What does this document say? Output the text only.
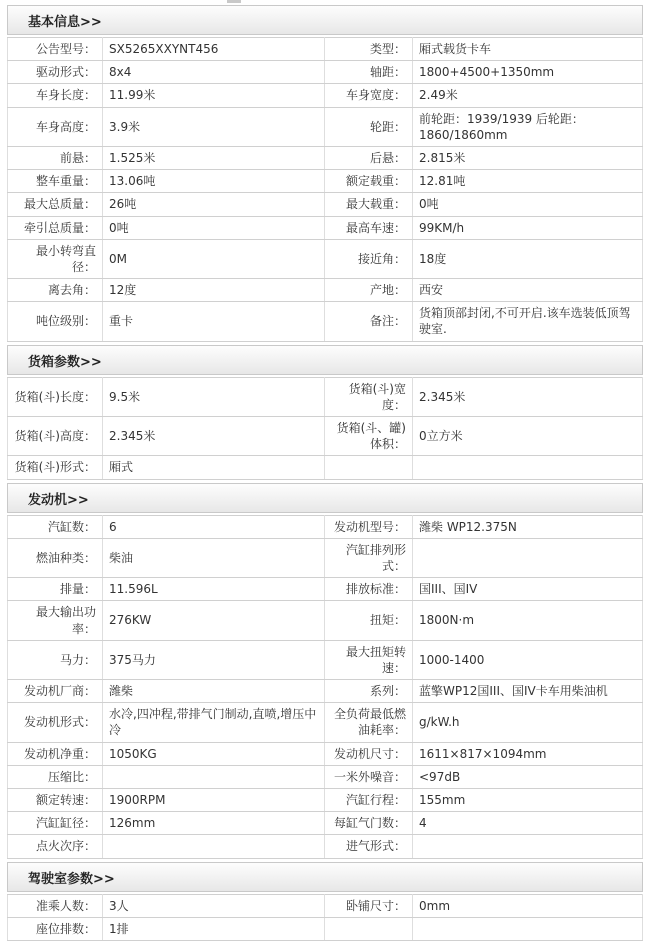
基本信息>>
公告型号：	SX5265XXYNT456	类型：	厢式载货卡车
驱动形式：	8x4	轴距：	1800+4500+1350mm
车身长度：	11.99米	车身宽度：	2.49米
车身高度：	3.9米	轮距：	前轮距：1939/1939 后轮距：1860/1860mm
前悬：	1.525米	后悬：	2.815米
整车重量：	13.06吨	额定载重：	12.81吨
最大总质量：	26吨	最大载重：	0吨
牵引总质量：	0吨	最高车速：	99KM/h
最小转弯直径：	0M	接近角：	18度
离去角：	12度	产地：	西安
吨位级别：	重卡	备注：	货箱顶部封闭,不可开启.该车选装低顶驾驶室.
货箱参数>>
货箱(斗)长度：	9.5米	货箱(斗)宽度：	2.345米
货箱(斗)高度：	2.345米	货箱(斗、罐)体积：	0立方米
货箱(斗)形式：	厢式		
发动机>>
汽缸数：	6	发动机型号：	潍柴 WP12.375N
燃油种类：	柴油	汽缸排列形式：	
排量：	11.596L	排放标准：	国III、国IV
最大输出功率：	276KW	扭矩：	1800N·m
马力：	375马力	最大扭矩转速：	1000-1400
发动机厂商：	潍柴	系列：	蓝擎WP12国III、国IV卡车用柴油机
发动机形式：	水冷,四冲程,带排气门制动,直喷,增压中冷	全负荷最低燃油耗率：	g/kW.h
发动机净重：	1050KG	发动机尺寸：	1611×817×1094mm
压缩比：		一米外噪音：	<97dB
额定转速：	1900RPM	汽缸行程：	155mm
汽缸缸径：	126mm	每缸气门数：	4
点火次序：		进气形式：	
驾驶室参数>>
准乘人数：	3人	卧铺尺寸：	0mm
座位排数：	1排		
